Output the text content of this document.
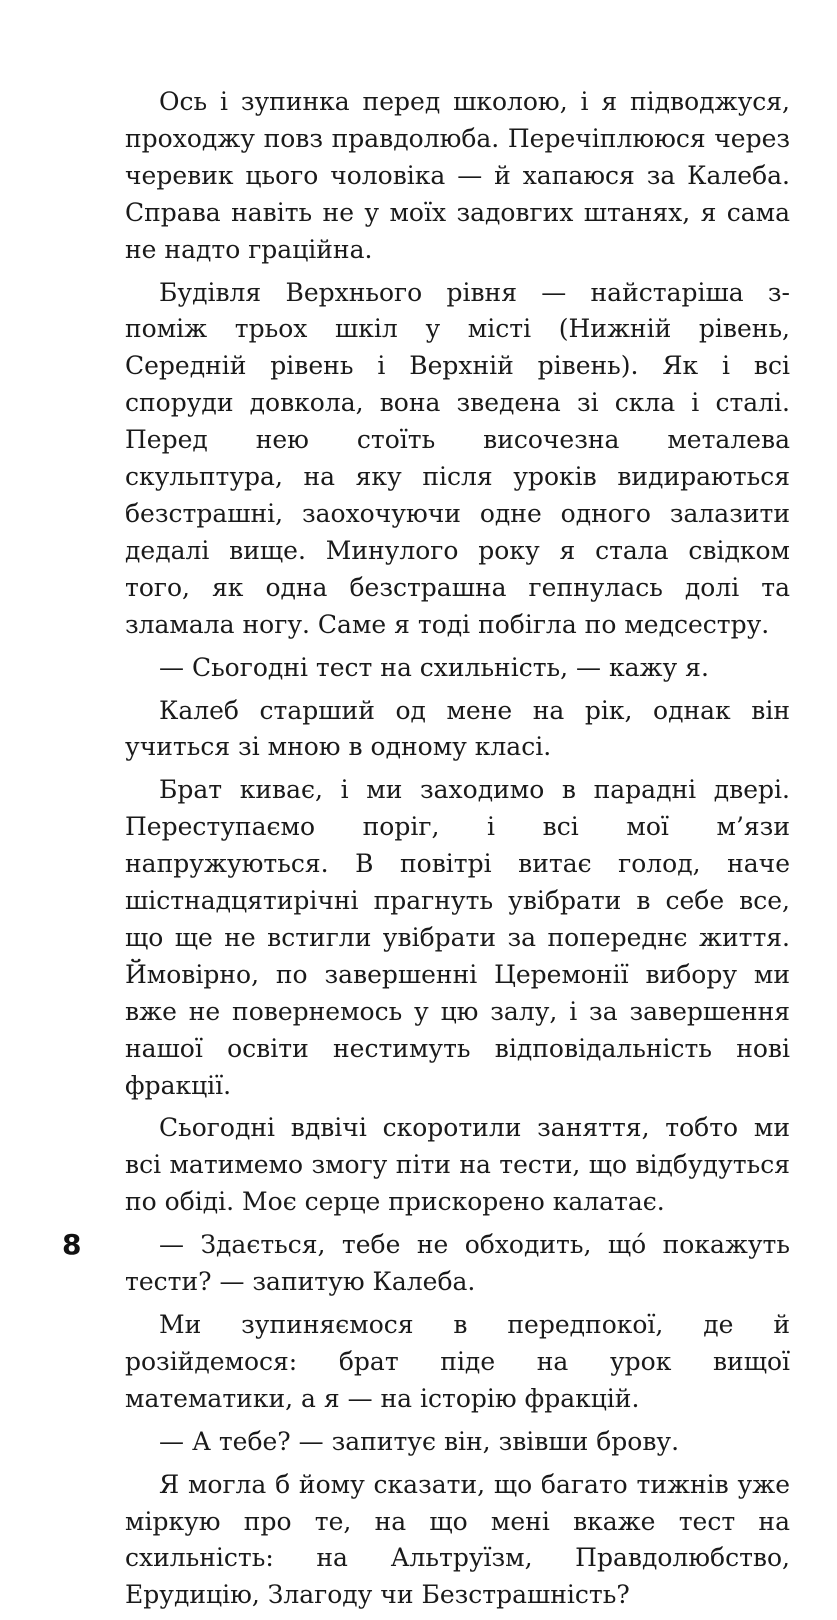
Ось і зупинка перед школою, і я підводжуся, проходжу повз правдолюба. Перечіплююся через черевик цього чоловіка — й хапаюся за Калеба. Справа навіть не у моїх задовгих штанях, я сама не надто граційна.

Будівля Верхнього рівня — найстаріша з-поміж трьох шкіл у місті (Нижній рівень, Середній рівень і Верхній рівень). Як і всі споруди довкола, вона зведена зі скла і сталі. Перед нею стоїть височезна металева скульптура, на яку після уроків видираються безстрашні, заохочуючи одне одного залазити дедалі вище. Минулого року я стала свідком того, як одна безстрашна гепнулась долі та зламала ногу. Саме я тоді побігла по медсестру.

— Сьогодні тест на схильність, — кажу я.

Калеб старший од мене на рік, однак він учиться зі мною в одному класі.

Брат киває, і ми заходимо в парадні двері. Переступаємо поріг, і всі мої м’язи напружуються. В повітрі витає голод, наче шістнадцятирічні прагнуть увібрати в себе все, що ще не встигли увібрати за попереднє життя. Ймовірно, по завершенні Церемонії вибору ми вже не повернемось у цю залу, і за завершення нашої освіти нестимуть відповідальність нові фракції.

Сьогодні вдвічі скоротили заняття, тобто ми всі матимемо змогу піти на тести, що відбудуться по обіді. Моє серце прискорено калатає.

— Здається, тебе не обходить, щó покажуть тести? — запитую Калеба.

Ми зупиняємося в передпокої, де й розійдемося: брат піде на урок вищої математики, а я — на історію фракцій.

— А тебе? — запитує він, звівши брову.

Я могла б йому сказати, що багато тижнів уже міркую про те, на що мені вкаже тест на схильність: на Альтруїзм, Правдолюбство, Ерудицію, Злагоду чи Безстрашність?

8
